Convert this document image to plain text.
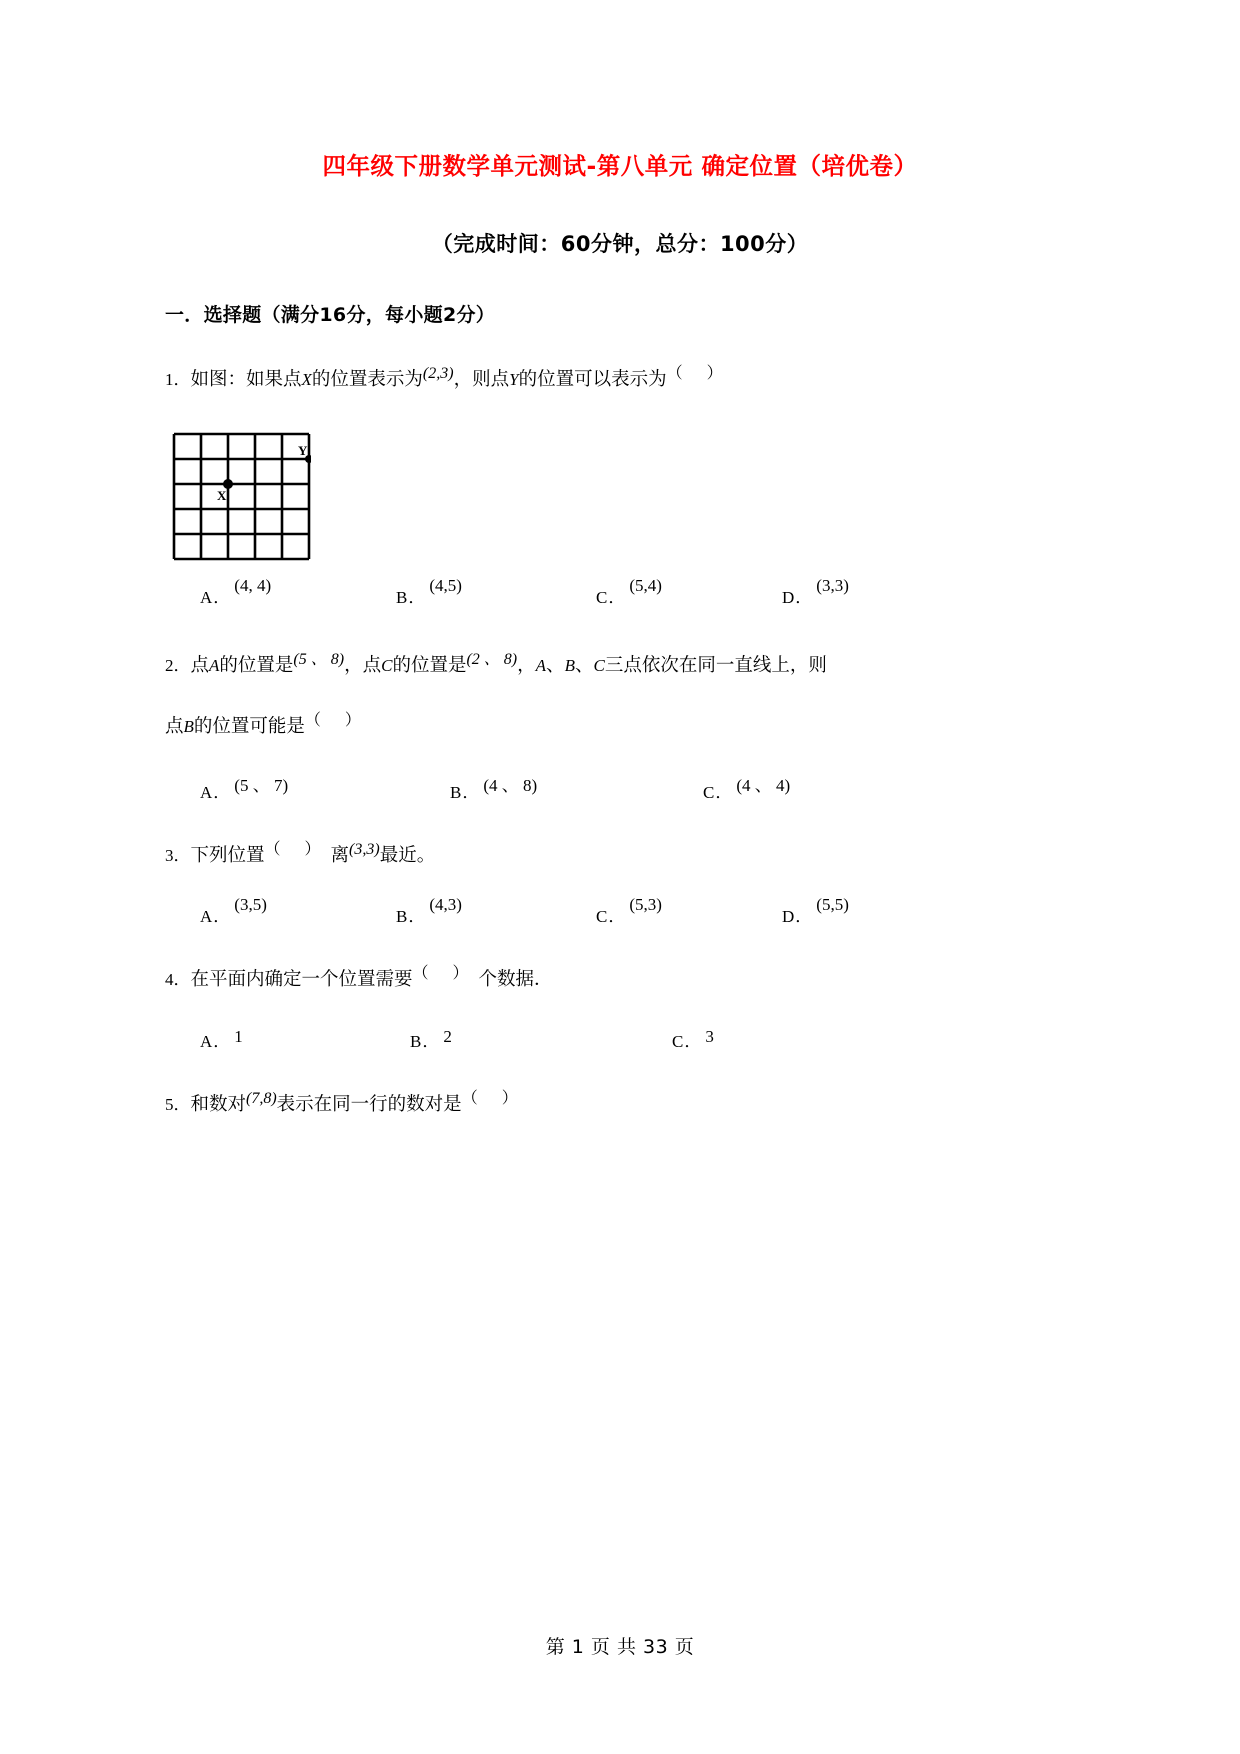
四年级下册数学单元测试-第八单元 确定位置（培优卷）
（完成时间：60分钟，总分：100分）
一．选择题（满分16分，每小题2分）
1．如图：如果点X的位置表示为(2,3)，则点Y的位置可以表示为（ ）
Y
X
A．
(4, 4)
B．
(4,5)
C．
(5,4)
D．
(3,3)
2．点A的位置是(5 、 8)，点C的位置是(2 、 8)，A、B、C三点依次在同一直线上，则
点B的位置可能是（ ）
A． (5 、 7)	B． (4 、 8)	C． (4 、 4)
3．下列位置（ ）离(3,3)最近。
A．
(3,5)
B．
(4,3)
C．
(5,3)
D．
(5,5)
4．在平面内确定一个位置需要（ ）个数据．
A． 1	B． 2	C． 3
5．和数对(7,8)表示在同一行的数对是（ ）
第 1 页 共 33 页
